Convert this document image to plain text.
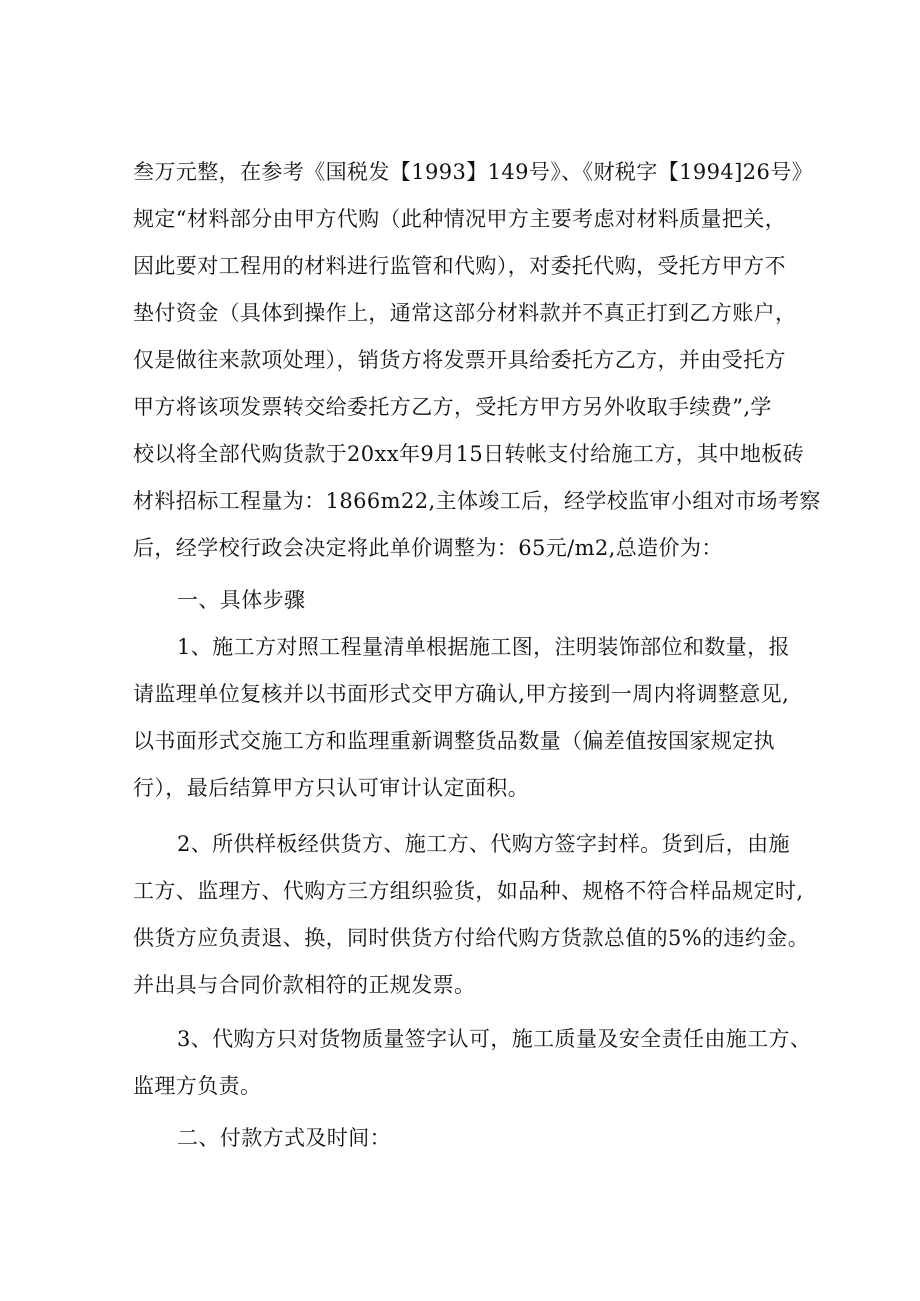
叁万元整，在参考《国税发【1993】149号》、《财税字【1994]26号》

规定“材料部分由甲方代购（此种情况甲方主要考虑对材料质量把关，

因此要对工程用的材料进行监管和代购），对委托代购，受托方甲方不

垫付资金（具体到操作上，通常这部分材料款并不真正打到乙方账户，

仅是做往来款项处理），销货方将发票开具给委托方乙方，并由受托方

甲方将该项发票转交给委托方乙方，受托方甲方另外收取手续费”,学

校以将全部代购货款于20xx年9月15日转帐支付给施工方，其中地板砖

材料招标工程量为：1866m22,主体竣工后，经学校监审小组对市场考察

后，经学校行政会决定将此单价调整为：65元/m2,总造价为：

一、具体步骤

1、施工方对照工程量清单根据施工图，注明装饰部位和数量，报

请监理单位复核并以书面形式交甲方确认,甲方接到一周内将调整意见,

以书面形式交施工方和监理重新调整货品数量（偏差值按国家规定执

行），最后结算甲方只认可审计认定面积。

2、所供样板经供货方、施工方、代购方签字封样。货到后，由施

工方、监理方、代购方三方组织验货，如品种、规格不符合样品规定时,

供货方应负责退、换，同时供货方付给代购方货款总值的5%的违约金。

并出具与合同价款相符的正规发票。

3、代购方只对货物质量签字认可，施工质量及安全责任由施工方、

监理方负责。

二、付款方式及时间：
